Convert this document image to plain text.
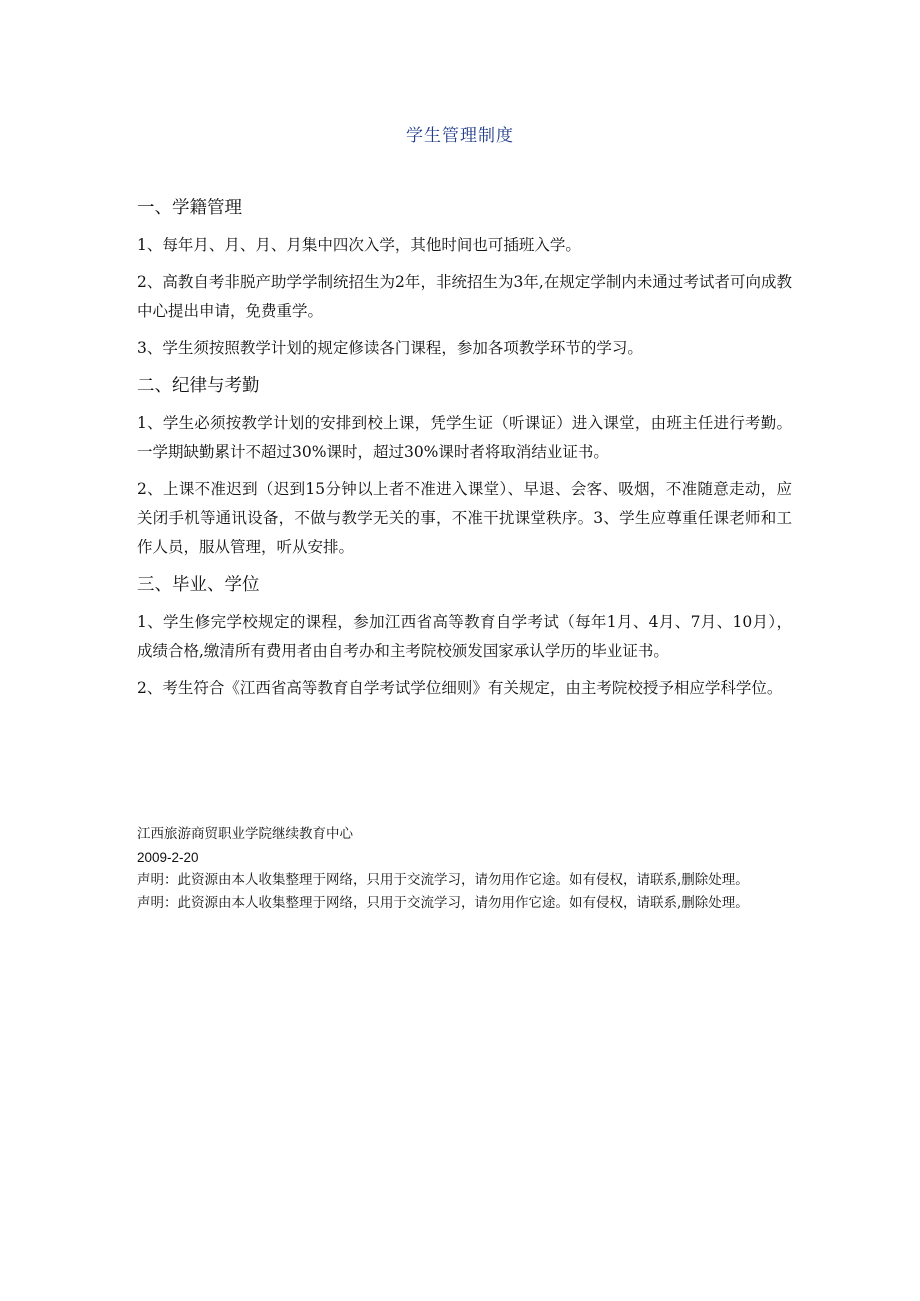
学生管理制度
一、学籍管理
1、每年月、月、月、月集中四次入学，其他时间也可插班入学。
2、高教自考非脱产助学学制统招生为2年，非统招生为3年,在规定学制内未通过考试者可向成教中心提出申请，免费重学。
3、学生须按照教学计划的规定修读各门课程，参加各项教学环节的学习。
二、纪律与考勤
1、学生必须按教学计划的安排到校上课，凭学生证（听课证）进入课堂，由班主任进行考勤。一学期缺勤累计不超过30%课时，超过30%课时者将取消结业证书。
2、上课不准迟到（迟到15分钟以上者不准进入课堂）、早退、会客、吸烟，不准随意走动，应关闭手机等通讯设备，不做与教学无关的事，不准干扰课堂秩序。3、学生应尊重任课老师和工作人员，服从管理，听从安排。
三、毕业、学位
1、学生修完学校规定的课程，参加江西省高等教育自学考试（每年1月、4月、7月、10月），成绩合格,缴清所有费用者由自考办和主考院校颁发国家承认学历的毕业证书。
2、考生符合《江西省高等教育自学考试学位细则》有关规定，由主考院校授予相应学科学位。
江西旅游商贸职业学院继续教育中心
2009-2-20
声明：此资源由本人收集整理于网络，只用于交流学习，请勿用作它途。如有侵权，请联系,删除处理。
声明：此资源由本人收集整理于网络，只用于交流学习，请勿用作它途。如有侵权，请联系,删除处理。
